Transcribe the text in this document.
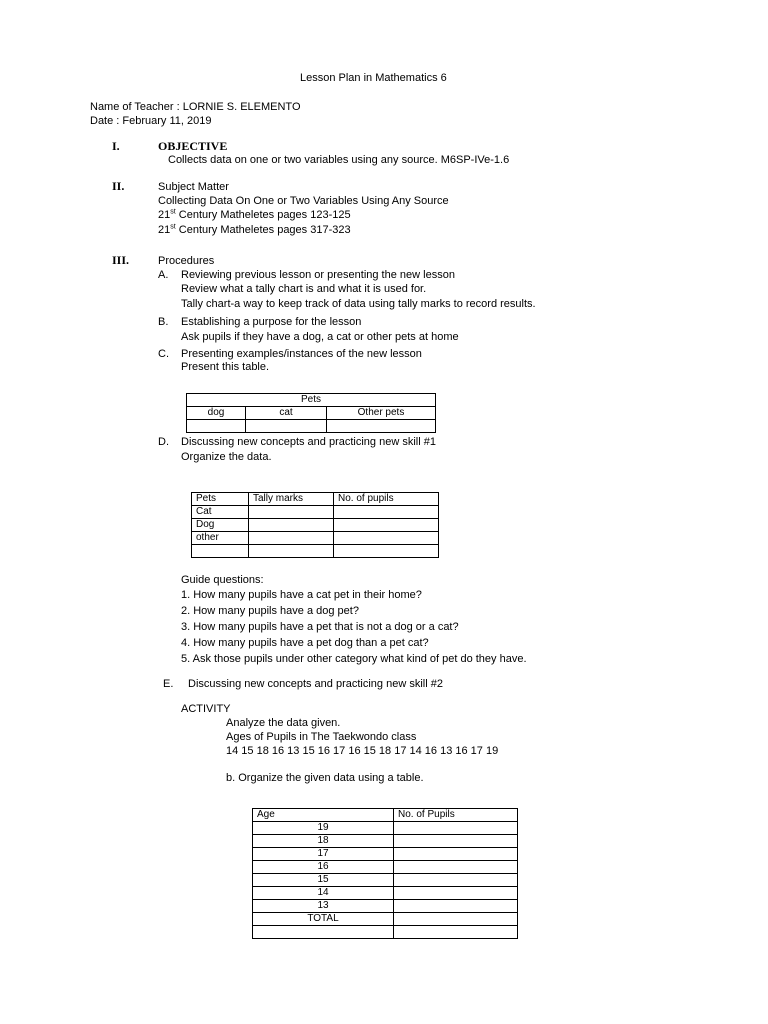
Lesson Plan in Mathematics 6
Name of Teacher : LORNIE S. ELEMENTO
Date : February 11, 2019
I.	OBJECTIVE
Collects data on one or two variables using any source. M6SP-IVe-1.6
II.	Subject Matter
Collecting Data On One or Two Variables Using Any Source
21st Century Matheletes pages 123-125
21st Century Matheletes pages 317-323
III.	Procedures
A. Reviewing previous lesson or presenting the new lesson
Review what a tally chart is and what it is used for.
Tally chart-a way to keep track of data using tally marks to record results.
B. Establishing a purpose for the lesson
Ask pupils if they have a dog, a cat or other pets at home
C. Presenting examples/instances of the new lesson
Present this table.
Pets		
dog	cat	Other pets

D. Discussing new concepts and practicing new skill #1
Organize the data.
Pets	Tally marks	No. of pupils
Cat		
Dog		
other		

Guide questions:
1. How many pupils have a cat pet in their home?
2. How many pupils have a dog pet?
3. How many pupils have a pet that is not a dog or a cat?
4. How many pupils have a pet dog than a pet cat?
5. Ask those pupils under other category what kind of pet do they have.
E. Discussing new concepts and practicing new skill #2
ACTIVITY
Analyze the data given.
Ages of Pupils in The Taekwondo class
14 15 18 16 13 15 16 17 16 15 18 17 14 16 13 16 17 19
b. Organize the given data using a table.
Age	No. of Pupils
19	
18	
17	
16	
15	
14	
13	
TOTAL	
